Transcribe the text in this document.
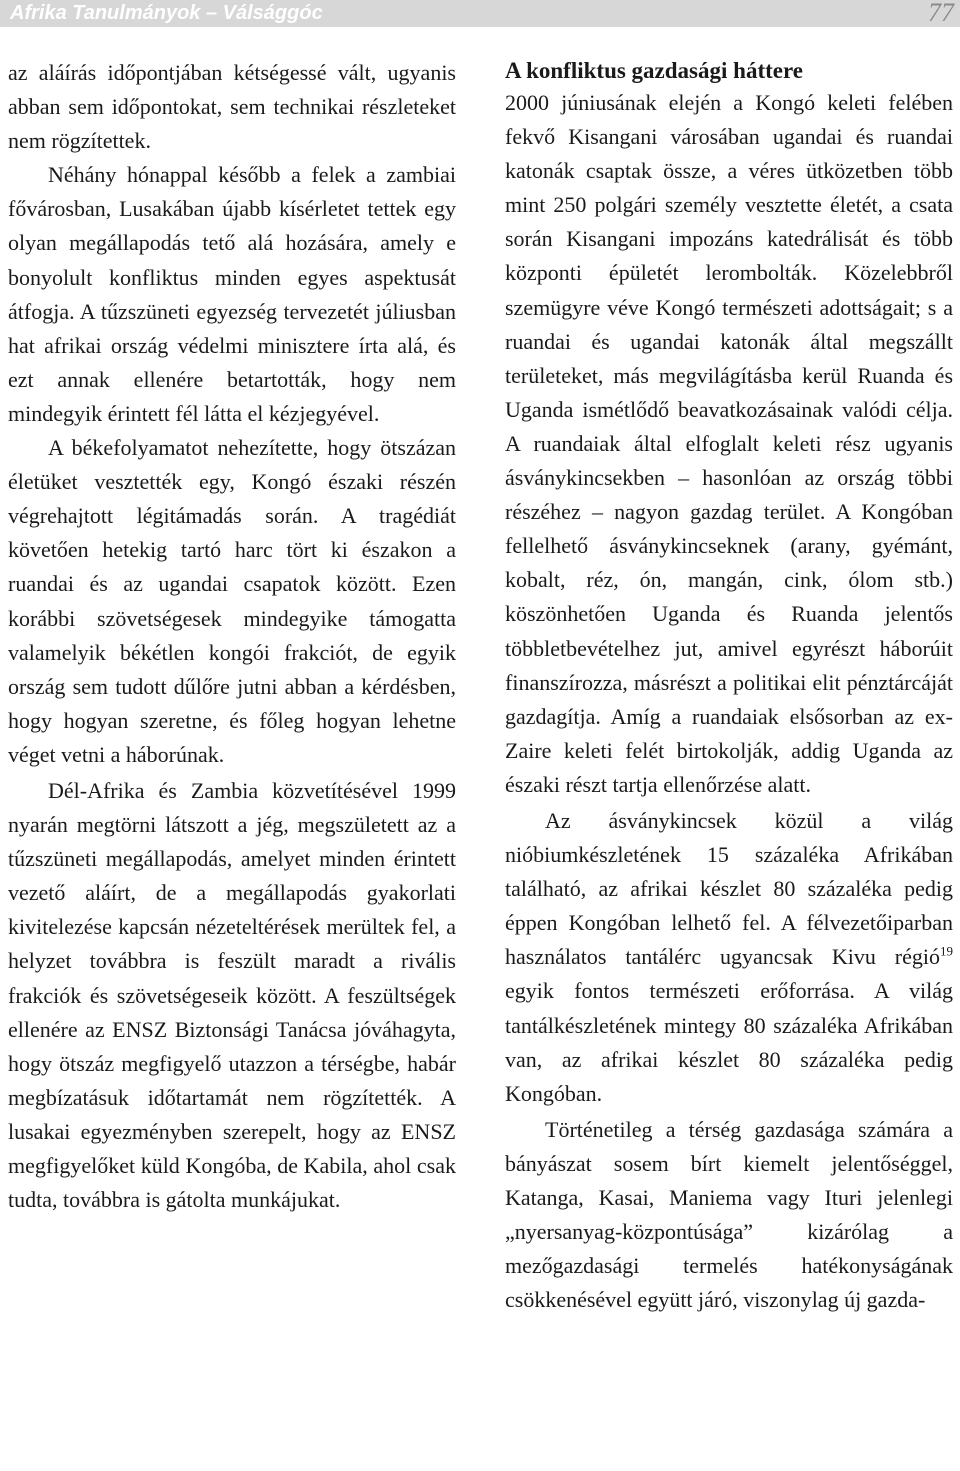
Afrika Tanulmányok – Válsággóc	77

az aláírás időpontjában kétségessé vált, ugyanis abban sem időpontokat, sem technikai részleteket nem rögzítettek.

Néhány hónappal később a felek a zambiai fővárosban, Lusakában újabb kísérletet tettek egy olyan megállapodás tető alá hozására, amely e bonyolult konfliktus minden egyes aspektusát átfogja. A tűzszüneti egyezség tervezetét júliusban hat afrikai ország védelmi minisztere írta alá, és ezt annak ellenére betartották, hogy nem mindegyik érintett fél látta el kézjegyével.

A békefolyamatot nehezítette, hogy ötszázan életüket vesztették egy, Kongó északi részén végrehajtott légitámadás során. A tragédiát követően hetekig tartó harc tört ki északon a ruandai és az ugandai csapatok között. Ezen korábbi szövetségesek mindegyike támogatta valamelyik békétlen kongói frakciót, de egyik ország sem tudott dűlőre jutni abban a kérdésben, hogy hogyan szeretne, és főleg hogyan lehetne véget vetni a háborúnak.

Dél-Afrika és Zambia közvetítésével 1999 nyarán megtörni látszott a jég, megszületett az a tűzszüneti megállapodás, amelyet minden érintett vezető aláírt, de a megállapodás gyakorlati kivitelezése kapcsán nézeteltérések merültek fel, a helyzet továbbra is feszült maradt a rivális frakciók és szövetségeseik között. A feszültségek ellenére az ENSZ Biztonsági Tanácsa jóváhagyta, hogy ötszáz megfigyelő utazzon a térségbe, habár megbízatásuk időtartamát nem rögzítették. A lusakai egyezményben szerepelt, hogy az ENSZ megfigyelőket küld Kongóba, de Kabila, ahol csak tudta, továbbra is gátolta munkájukat.

A konfliktus gazdasági háttere

2000 júniusának elején a Kongó keleti felében fekvő Kisangani városában ugandai és ruandai katonák csaptak össze, a véres ütközetben több mint 250 polgári személy vesztette életét, a csata során Kisangani impozáns katedrálisát és több központi épületét lerombolták. Közelebbről szemügyre véve Kongó természeti adottságait; s a ruandai és ugandai katonák által megszállt területeket, más megvilágításba kerül Ruanda és Uganda ismétlődő beavatkozásainak valódi célja. A ruandaiak által elfoglalt keleti rész ugyanis ásványkincsekben – hasonlóan az ország többi részéhez – nagyon gazdag terület. A Kongóban fellelhető ásványkincseknek (arany, gyémánt, kobalt, réz, ón, mangán, cink, ólom stb.) köszönhetően Uganda és Ruanda jelentős többletbevételhez jut, amivel egyrészt háborúit finanszírozza, másrészt a politikai elit pénztárcáját gazdagítja. Amíg a ruandaiak elsősorban az ex-Zaire keleti felét birtokolják, addig Uganda az északi részt tartja ellenőrzése alatt.

Az ásványkincsek közül a világ nióbiumkészletének 15 százaléka Afrikában található, az afrikai készlet 80 százaléka pedig éppen Kongóban lelhető fel. A félvezetőiparban használatos tantálérc ugyancsak Kivu régió$^{19}$ egyik fontos természeti erőforrása. A világ tantálkészletének mintegy 80 százaléka Afrikában van, az afrikai készlet 80 százaléka pedig Kongóban.

Történetileg a térség gazdasága számára a bányászat sosem bírt kiemelt jelentőséggel, Katanga, Kasai, Maniema vagy Ituri jelenlegi „nyersanyag-központúsága” kizárólag a mezőgazdasági termelés hatékonyságának csökkenésével együtt járó, viszonylag új gazda-
